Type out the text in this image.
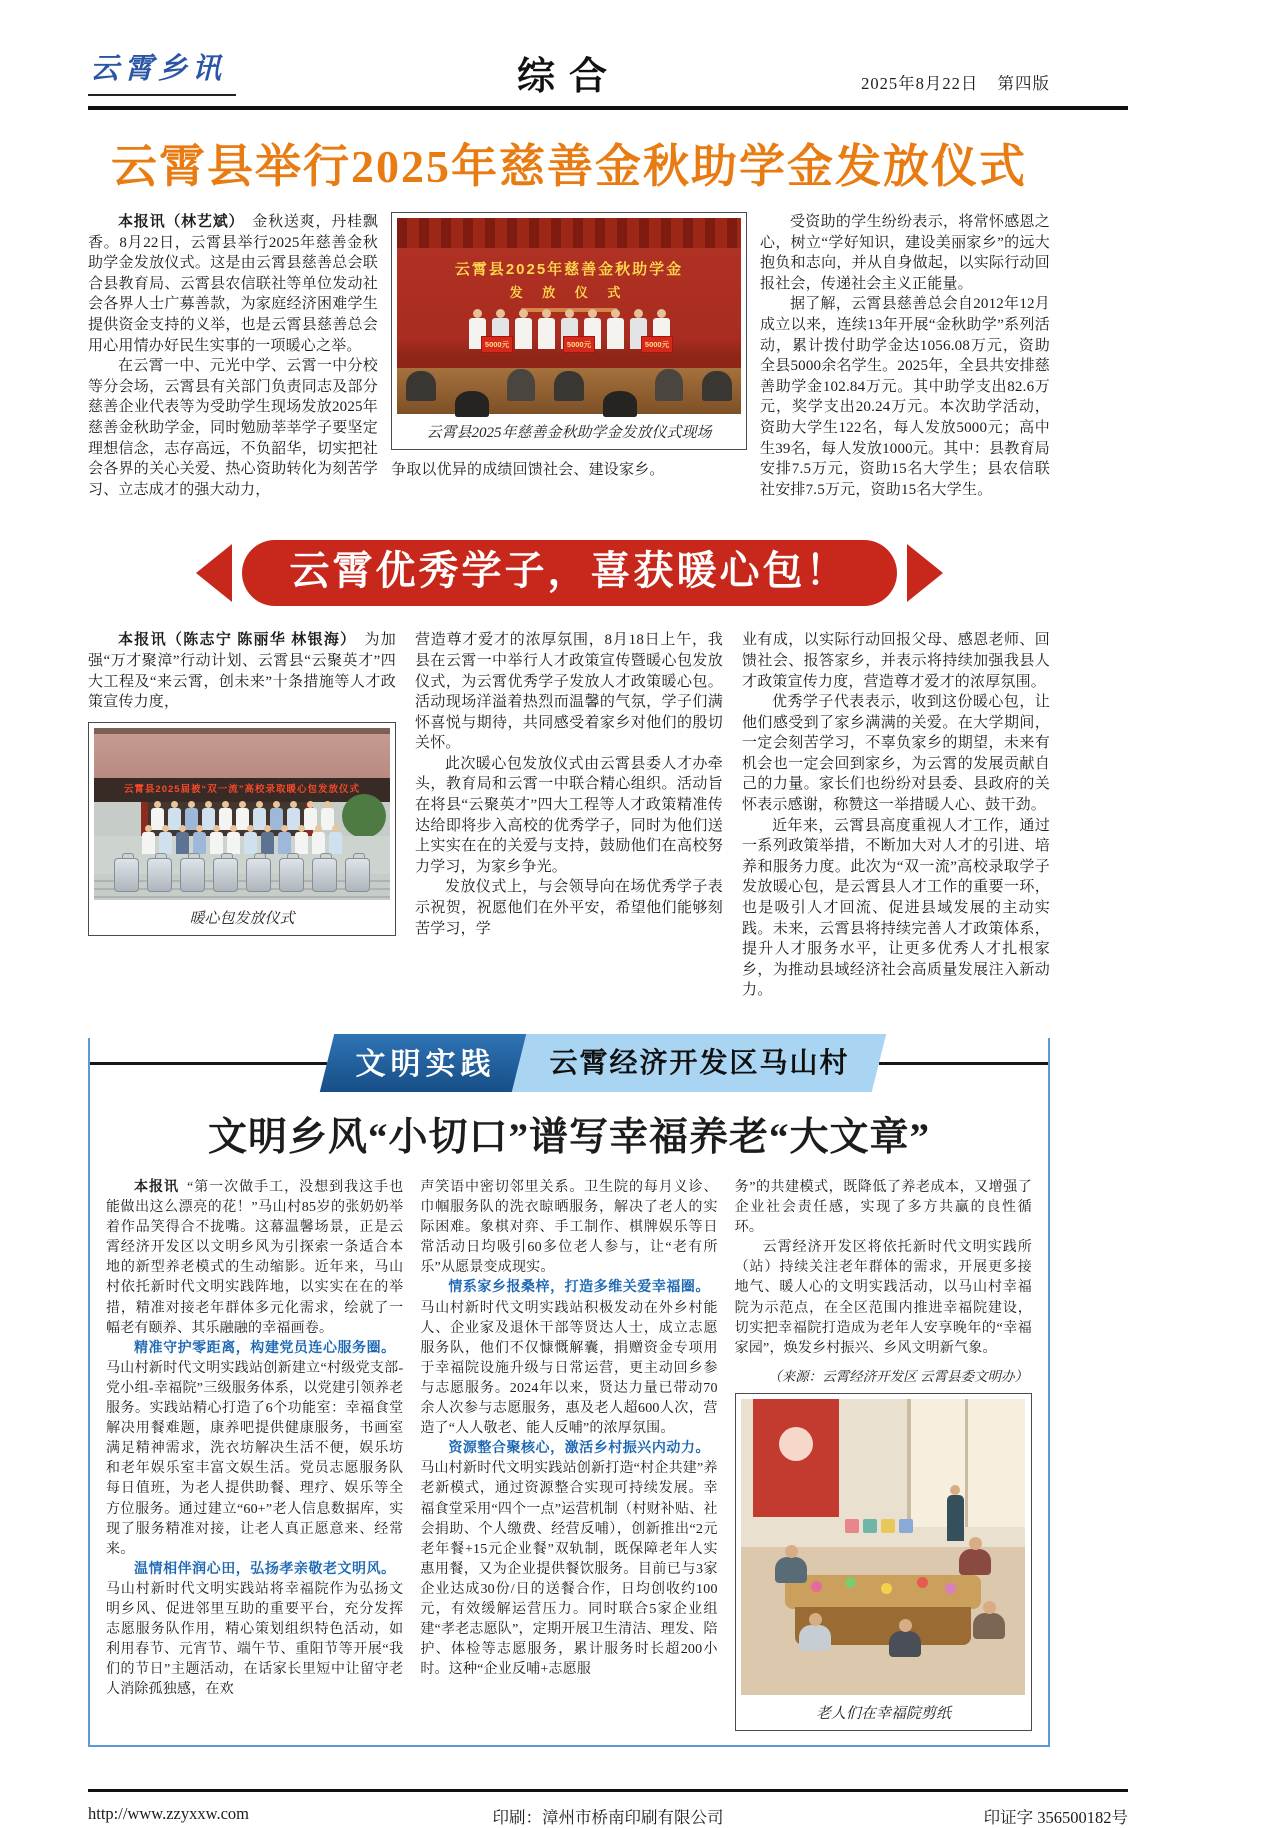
云霄乡讯	综合	2025年8月22日 第四版
云霄县举行2025年慈善金秋助学金发放仪式

本报讯（林艺斌） 金秋送爽，丹桂飘香。8月22日，云霄县举行2025年慈善金秋助学金发放仪式。这是由云霄县慈善总会联合县教育局、云霄县农信联社等单位发动社会各界人士广募善款，为家庭经济困难学生提供资金支持的义举，也是云霄县慈善总会用心用情办好民生实事的一项暖心之举。

在云霄一中、元光中学、云霄一中分校等分会场，云霄县有关部门负责同志及部分慈善企业代表等为受助学生现场发放2025年慈善金秋助学金，同时勉励莘莘学子要坚定理想信念，志存高远，不负韶华，切实把社会各界的关心关爱、热心资助转化为刻苦学习、立志成才的强大动力，

云霄县2025年慈善金秋助学金
发 放 仪 式
5000元	5000元	5000元
云霄县2025年慈善金秋助学金发放仪式现场

争取以优异的成绩回馈社会、建设家乡。

受资助的学生纷纷表示，将常怀感恩之心，树立“学好知识，建设美丽家乡”的远大抱负和志向，并从自身做起，以实际行动回报社会，传递社会主义正能量。

据了解，云霄县慈善总会自2012年12月成立以来，连续13年开展“金秋助学”系列活动，累计拨付助学金达1056.08万元，资助全县5000余名学生。2025年，全县共安排慈善助学金102.84万元。其中助学支出82.6万元，奖学支出20.24万元。本次助学活动，资助大学生122名，每人发放5000元；高中生39名，每人发放1000元。其中：县教育局安排7.5万元，资助15名大学生；县农信联社安排7.5万元，资助15名大学生。

云霄优秀学子，喜获暖心包！

本报讯（陈志宁 陈丽华 林银海） 为加强“万才聚漳”行动计划、云霄县“云聚英才”四大工程及“来云霄，创未来”十条措施等人才政策宣传力度，

云霄县2025届被“双一流”高校录取暖心包发放仪式
暖心包发放仪式

营造尊才爱才的浓厚氛围，8月18日上午，我县在云霄一中举行人才政策宣传暨暖心包发放仪式，为云霄优秀学子发放人才政策暖心包。活动现场洋溢着热烈而温馨的气氛，学子们满怀喜悦与期待，共同感受着家乡对他们的殷切关怀。

此次暖心包发放仪式由云霄县委人才办牵头，教育局和云霄一中联合精心组织。活动旨在将县“云聚英才”四大工程等人才政策精准传达给即将步入高校的优秀学子，同时为他们送上实实在在的关爱与支持，鼓励他们在高校努力学习，为家乡争光。

发放仪式上，与会领导向在场优秀学子表示祝贺，祝愿他们在外平安，希望他们能够刻苦学习，学

业有成，以实际行动回报父母、感恩老师、回馈社会、报答家乡，并表示将持续加强我县人才政策宣传力度，营造尊才爱才的浓厚氛围。

优秀学子代表表示，收到这份暖心包，让他们感受到了家乡满满的关爱。在大学期间，一定会刻苦学习，不辜负家乡的期望，未来有机会也一定会回到家乡，为云霄的发展贡献自己的力量。家长们也纷纷对县委、县政府的关怀表示感谢，称赞这一举措暖人心、鼓干劲。

近年来，云霄县高度重视人才工作，通过一系列政策举措，不断加大对人才的引进、培养和服务力度。此次为“双一流”高校录取学子发放暖心包，是云霄县人才工作的重要一环，也是吸引人才回流、促进县域发展的主动实践。未来，云霄县将持续完善人才政策体系，提升人才服务水平，让更多优秀人才扎根家乡，为推动县域经济社会高质量发展注入新动力。

文明实践	云霄经济开发区马山村
文明乡风“小切口”谱写幸福养老“大文章”

本报讯 “第一次做手工，没想到我这手也能做出这么漂亮的花！”马山村85岁的张奶奶举着作品笑得合不拢嘴。这幕温馨场景，正是云霄经济开发区以文明乡风为引探索一条适合本地的新型养老模式的生动缩影。近年来，马山村依托新时代文明实践阵地，以实实在在的举措，精准对接老年群体多元化需求，绘就了一幅老有颐养、其乐融融的幸福画卷。

精准守护零距离，构建党员连心服务圈。马山村新时代文明实践站创新建立“村级党支部-党小组-幸福院”三级服务体系，以党建引领养老服务。实践站精心打造了6个功能室：幸福食堂解决用餐难题，康养吧提供健康服务，书画室满足精神需求，洗衣坊解决生活不便，娱乐坊和老年娱乐室丰富文娱生活。党员志愿服务队每日值班，为老人提供助餐、理疗、娱乐等全方位服务。通过建立“60+”老人信息数据库，实现了服务精准对接，让老人真正愿意来、经常来。

温情相伴润心田，弘扬孝亲敬老文明风。马山村新时代文明实践站将幸福院作为弘扬文明乡风、促进邻里互助的重要平台，充分发挥志愿服务队作用，精心策划组织特色活动，如利用春节、元宵节、端午节、重阳节等开展“我们的节日”主题活动，在话家长里短中让留守老人消除孤独感，在欢

声笑语中密切邻里关系。卫生院的每月义诊、巾帼服务队的洗衣晾晒服务，解决了老人的实际困难。象棋对弈、手工制作、棋牌娱乐等日常活动日均吸引60多位老人参与，让“老有所乐”从愿景变成现实。

情系家乡报桑梓，打造多维关爱幸福圈。马山村新时代文明实践站积极发动在外乡村能人、企业家及退休干部等贤达人士，成立志愿服务队，他们不仅慷慨解囊，捐赠资金专项用于幸福院设施升级与日常运营，更主动回乡参与志愿服务。2024年以来，贤达力量已带动70余人次参与志愿服务，惠及老人超600人次，营造了“人人敬老、能人反哺”的浓厚氛围。

资源整合聚核心，激活乡村振兴内动力。马山村新时代文明实践站创新打造“村企共建”养老新模式，通过资源整合实现可持续发展。幸福食堂采用“四个一点”运营机制（村财补贴、社会捐助、个人缴费、经营反哺），创新推出“2元老年餐+15元企业餐”双轨制，既保障老年人实惠用餐，又为企业提供餐饮服务。目前已与3家企业达成30份/日的送餐合作，日均创收约100元，有效缓解运营压力。同时联合5家企业组建“孝老志愿队”，定期开展卫生清洁、理发、陪护、体检等志愿服务，累计服务时长超200小时。这种“企业反哺+志愿服

务”的共建模式，既降低了养老成本，又增强了企业社会责任感，实现了多方共赢的良性循环。

云霄经济开发区将依托新时代文明实践所（站）持续关注老年群体的需求，开展更多接地气、暖人心的文明实践活动，以马山村幸福院为示范点，在全区范围内推进幸福院建设，切实把幸福院打造成为老年人安享晚年的“幸福家园”，焕发乡村振兴、乡风文明新气象。

（来源：云霄经济开发区 云霄县委文明办）
老人们在幸福院剪纸
http://www.zzyxxw.com	印刷：漳州市桥南印刷有限公司	印证字 356500182号
